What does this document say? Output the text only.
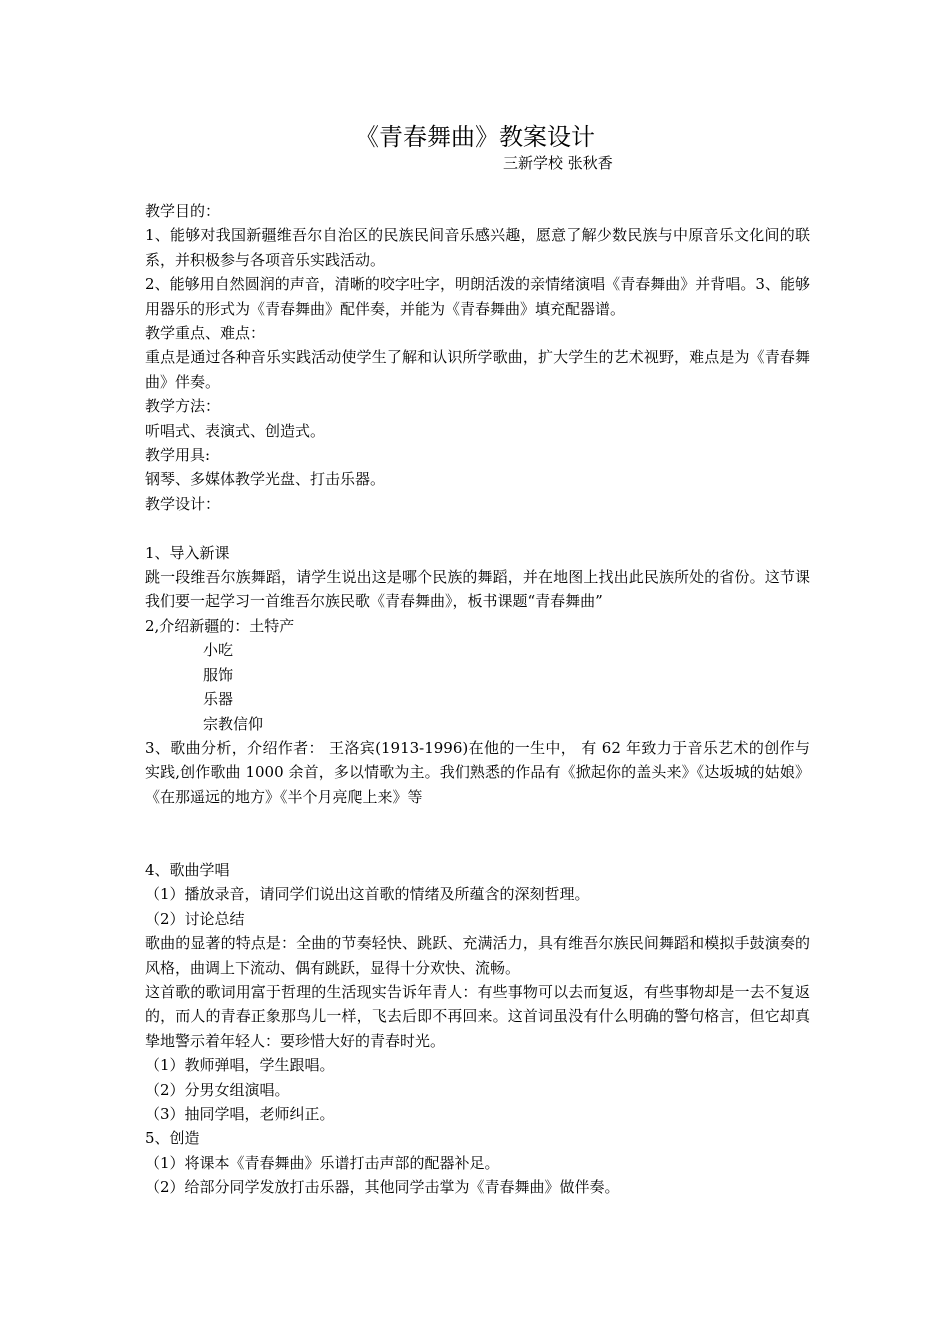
《青春舞曲》教案设计
三新学校 张秋香

教学目的：

1、能够对我国新疆维吾尔自治区的民族民间音乐感兴趣，愿意了解少数民族与中原音乐文化间的联系，并积极参与各项音乐实践活动。

2、能够用自然圆润的声音，清晰的咬字吐字，明朗活泼的亲情绪演唱《青春舞曲》并背唱。3、能够用器乐的形式为《青春舞曲》配伴奏，并能为《青春舞曲》填充配器谱。

教学重点、难点：

重点是通过各种音乐实践活动使学生了解和认识所学歌曲，扩大学生的艺术视野，难点是为《青春舞曲》伴奏。

教学方法：

听唱式、表演式、创造式。

教学用具:

钢琴、多媒体教学光盘、打击乐器。

教学设计：

1、导入新课

跳一段维吾尔族舞蹈，请学生说出这是哪个民族的舞蹈，并在地图上找出此民族所处的省份。这节课我们要一起学习一首维吾尔族民歌《青春舞曲》，板书课题“青春舞曲”

2,介绍新疆的：土特产

小吃

服饰

乐器

宗教信仰

3、歌曲分析，介绍作者： 王洛宾(1913-1996)在他的一生中， 有 62 年致力于音乐艺术的创作与实践,创作歌曲 1000 余首，多以情歌为主。我们熟悉的作品有《掀起你的盖头来》《达坂城的姑娘》《在那遥远的地方》《半个月亮爬上来》等

4、歌曲学唱

（1）播放录音，请同学们说出这首歌的情绪及所蕴含的深刻哲理。

（2）讨论总结

歌曲的显著的特点是：全曲的节奏轻快、跳跃、充满活力，具有维吾尔族民间舞蹈和模拟手鼓演奏的风格，曲调上下流动、偶有跳跃，显得十分欢快、流畅。

这首歌的歌词用富于哲理的生活现实告诉年青人：有些事物可以去而复返，有些事物却是一去不复返的，而人的青春正象那鸟儿一样，飞去后即不再回来。这首词虽没有什么明确的警句格言，但它却真挚地警示着年轻人：要珍惜大好的青春时光。

（1）教师弹唱，学生跟唱。

（2）分男女组演唱。

（3）抽同学唱，老师纠正。

5、创造

（1）将课本《青春舞曲》乐谱打击声部的配器补足。

（2）给部分同学发放打击乐器，其他同学击掌为《青春舞曲》做伴奏。
